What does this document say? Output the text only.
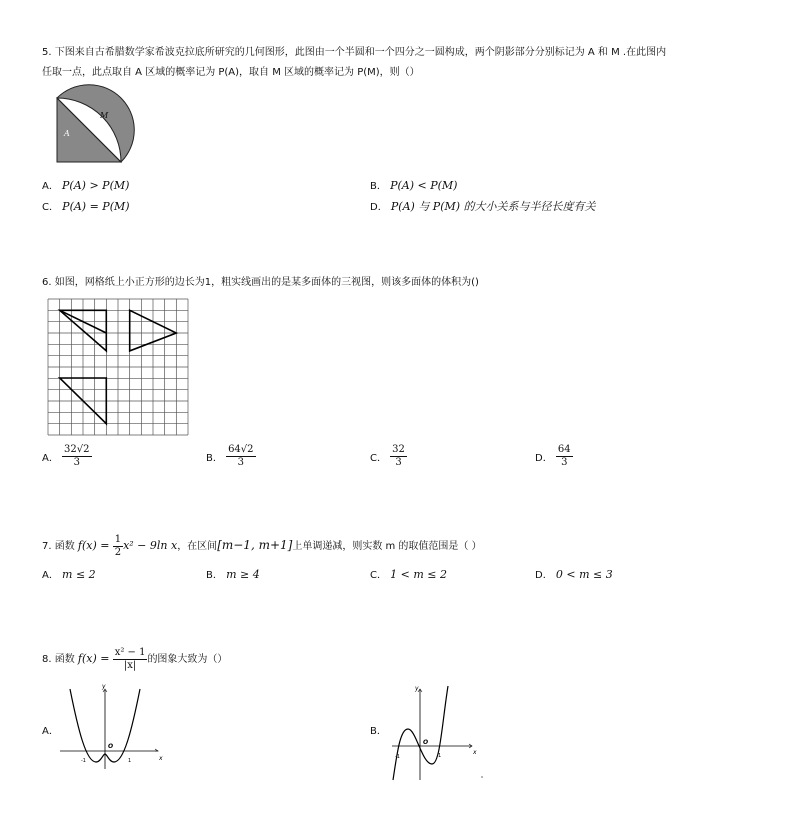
5. 下图来自古希腊数学家希波克拉底所研究的几何图形，此图由一个半圆和一个四分之一圆构成，两个阴影部分分别标记为 A 和 M .在此图内
任取一点，此点取自 A 区域的概率记为 P(A)，取自 M 区域的概率记为 P(M)，则（）
A
M
A． P(A) > P(M)	B． P(A) < P(M)
C． P(A) = P(M)	D． P(A) 与 P(M) 的大小关系与半径长度有关
6. 如图，网格纸上小正方形的边长为1，粗实线画出的是某多面体的三视图，则该多面体的体积为()
A． $\frac{32√2}{3}$	B． $\frac{64√2}{3}$	C． $\frac{32}{3}$	D． $\frac{64}{3}$
7. 函数 $f(x) = \frac{1}{2} x^2 - 9\ln$ x，在区间[m−1, m+1]上单调递减，则实数 m 的取值范围是（ ）
A． m ≤ 2	B． m ≥ 4	C． 1 < m ≤ 2	D． 0 < m ≤ 3
8. 函数 $f(x) = \frac{\text{x² − 1}}{|x|}$ 的图象大致为（）
A．
y
x
O
-1	1
B．
y
x
O
-1	1
